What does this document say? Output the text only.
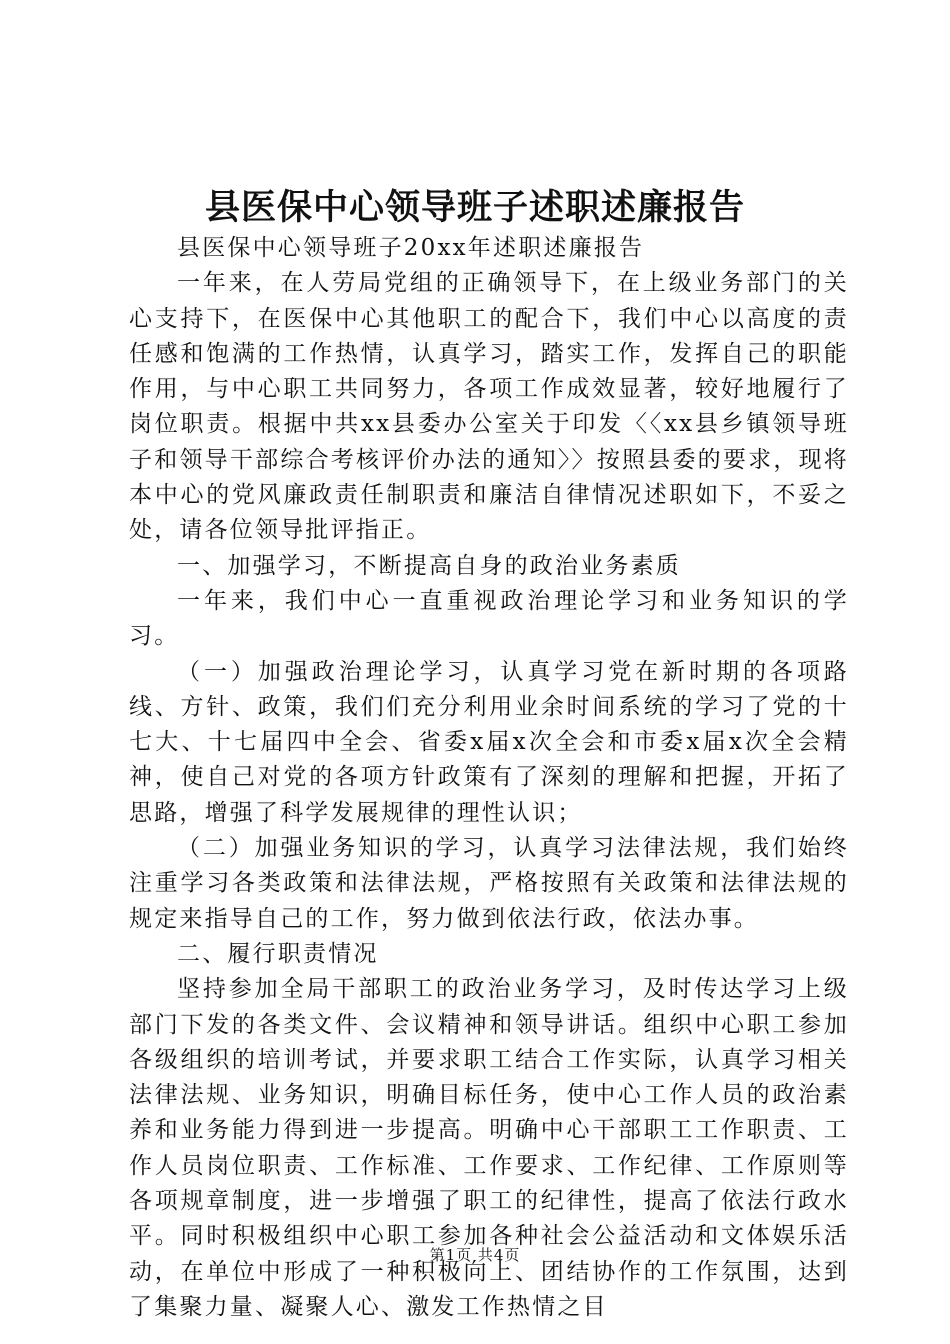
县医保中心领导班子述职述廉报告

县医保中心领导班子20xx年述职述廉报告

一年来，在人劳局党组的正确领导下，在上级业务部门的关心支持下，在医保中心其他职工的配合下，我们中心以高度的责任感和饱满的工作热情，认真学习，踏实工作，发挥自己的职能作用，与中心职工共同努力，各项工作成效显著，较好地履行了岗位职责。根据中共xx县委办公室关于印发〈〈xx县乡镇领导班子和领导干部综合考核评价办法的通知〉〉按照县委的要求，现将本中心的党风廉政责任制职责和廉洁自律情况述职如下，不妥之处，请各位领导批评指正。

一、加强学习，不断提高自身的政治业务素质

一年来，我们中心一直重视政治理论学习和业务知识的学习。

（一）加强政治理论学习，认真学习党在新时期的各项路线、方针、政策，我们们充分利用业余时间系统的学习了党的十七大、十七届四中全会、省委x届x次全会和市委x届x次全会精神，使自己对党的各项方针政策有了深刻的理解和把握，开拓了思路，增强了科学发展规律的理性认识；

（二）加强业务知识的学习，认真学习法律法规，我们始终注重学习各类政策和法律法规，严格按照有关政策和法律法规的规定来指导自己的工作，努力做到依法行政，依法办事。

二、履行职责情况

坚持参加全局干部职工的政治业务学习，及时传达学习上级部门下发的各类文件、会议精神和领导讲话。组织中心职工参加各级组织的培训考试，并要求职工结合工作实际，认真学习相关法律法规、业务知识，明确目标任务，使中心工作人员的政治素养和业务能力得到进一步提高。明确中心干部职工工作职责、工作人员岗位职责、工作标准、工作要求、工作纪律、工作原则等各项规章制度，进一步增强了职工的纪律性，提高了依法行政水平。同时积极组织中心职工参加各种社会公益活动和文体娱乐活动，在单位中形成了一种积极向上、团结协作的工作氛围，达到了集聚力量、凝聚人心、激发工作热情之目

第1页 共4页
